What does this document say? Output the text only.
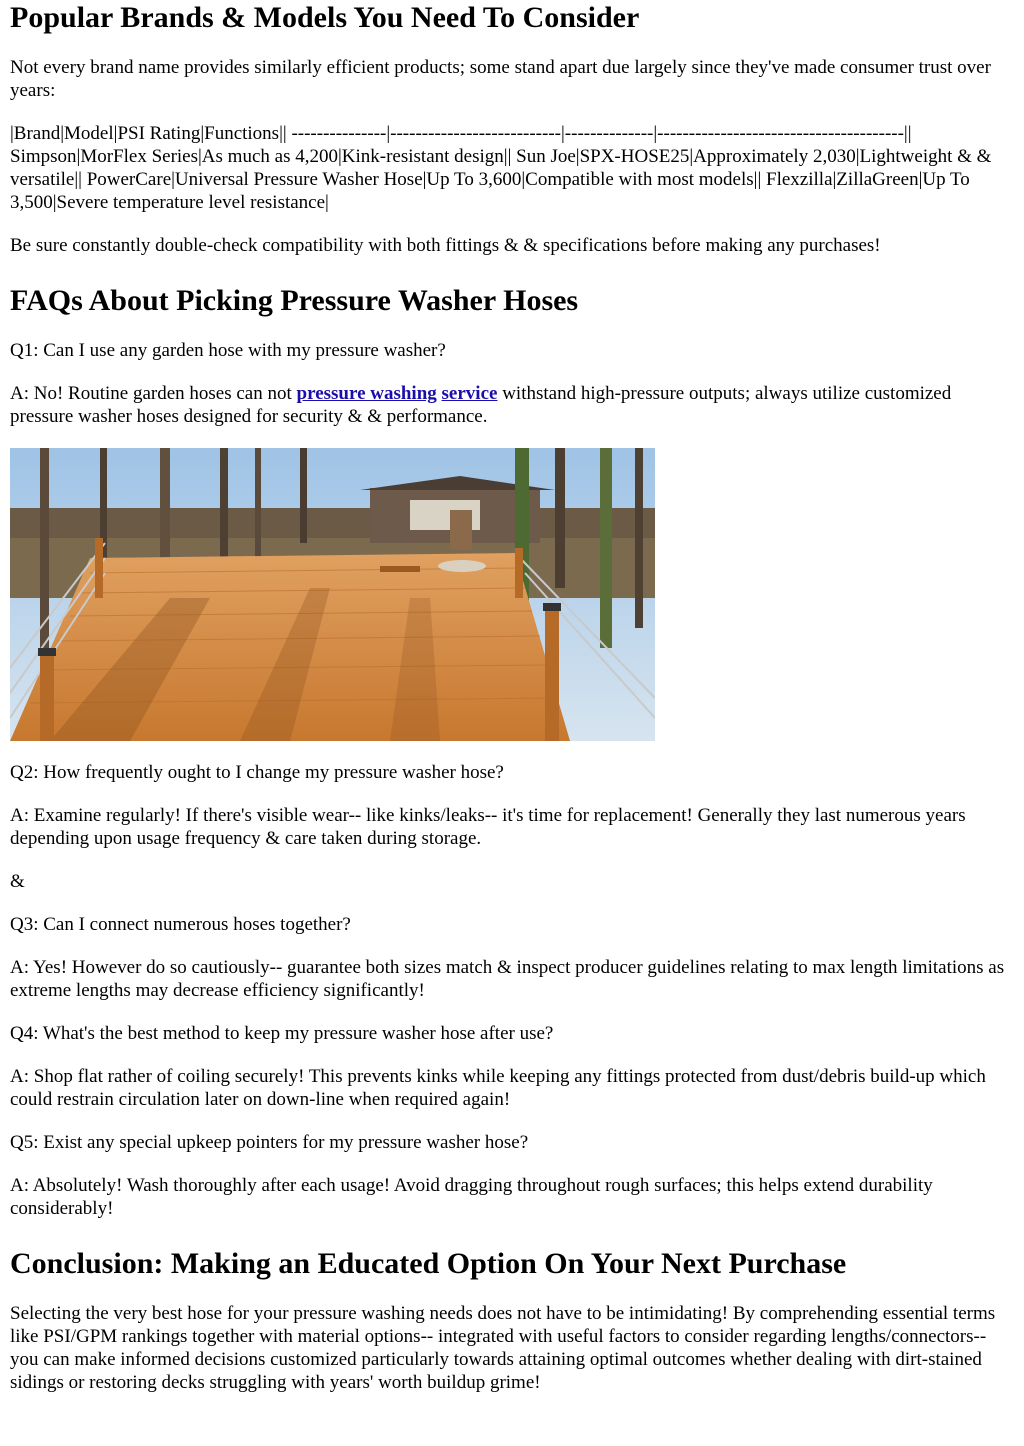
Popular Brands & Models You Need To Consider

Not every brand name provides similarly efficient products; some stand apart due largely since they've made consumer trust over years:

|Brand|Model|PSI Rating|Functions|| ---------------|---------------------------|--------------|---------------------------------------|| Simpson|MorFlex Series|As much as 4,200|Kink-resistant design|| Sun Joe|SPX-HOSE25|Approximately 2,030|Lightweight & & versatile|| PowerCare|Universal Pressure Washer Hose|Up To 3,600|Compatible with most models|| Flexzilla|ZillaGreen|Up To 3,500|Severe temperature level resistance|

Be sure constantly double-check compatibility with both fittings & & specifications before making any purchases!

FAQs About Picking Pressure Washer Hoses

Q1: Can I use any garden hose with my pressure washer?

A: No! Routine garden hoses can not pressure washing service withstand high-pressure outputs; always utilize customized pressure washer hoses designed for security & & performance.

Q2: How frequently ought to I change my pressure washer hose?

A: Examine regularly! If there's visible wear-- like kinks/leaks-- it's time for replacement! Generally they last numerous years depending upon usage frequency & care taken during storage.

&

Q3: Can I connect numerous hoses together?

A: Yes! However do so cautiously-- guarantee both sizes match & inspect producer guidelines relating to max length limitations as extreme lengths may decrease efficiency significantly!

Q4: What's the best method to keep my pressure washer hose after use?

A: Shop flat rather of coiling securely! This prevents kinks while keeping any fittings protected from dust/debris build-up which could restrain circulation later on down-line when required again!

Q5: Exist any special upkeep pointers for my pressure washer hose?

A: Absolutely! Wash thoroughly after each usage! Avoid dragging throughout rough surfaces; this helps extend durability considerably!

Conclusion: Making an Educated Option On Your Next Purchase

Selecting the very best hose for your pressure washing needs does not have to be intimidating! By comprehending essential terms like PSI/GPM rankings together with material options-- integrated with useful factors to consider regarding lengths/connectors-- you can make informed decisions customized particularly towards attaining optimal outcomes whether dealing with dirt-stained sidings or restoring decks struggling with years' worth buildup grime!
